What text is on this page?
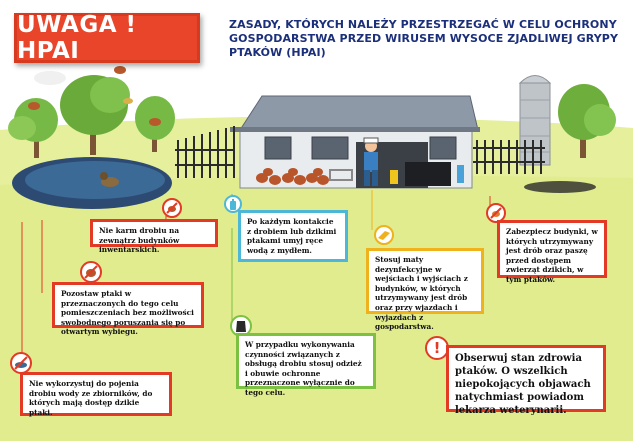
UWAGA ! HPAI
ZASADY, KTÓRYCH NALEŻY PRZESTRZEGAĆ W CELU OCHRONY GOSPODARSTWA PRZED WIRUSEM WYSOCE ZJADLIWEJ GRYPY PTAKÓW (HPAI)
Nie karm drobiu na zewnątrz budynków inwentarskich.
Po każdym kontakcie z drobiem lub dzikimi ptakami umyj ręce wodą z mydłem.
Stosuj maty dezynfekcyjne w wejściach i wyjściach z budynków, w których utrzymywany jest drób oraz przy wjazdach i wyjazdach z gospodarstwa.
Zabezpiecz budynki, w których utrzymywany jest drób oraz paszę przed dostępem zwierząt dzikich, w tym ptaków.
Pozostaw ptaki w przeznaczonych do tego celu pomieszczeniach bez możliwości swobodnego poruszania się po otwartym wybiegu.
W przypadku wykonywania czynności związanych z obsługą drobiu stosuj odzież i obuwie ochronne przeznaczone wyłącznie do tego celu.
Nie wykorzystuj do pojenia drobiu wody ze zbiorników, do których mają dostęp dzikie ptaki.
!
Obserwuj stan zdrowia ptaków. O wszelkich niepokojących objawach natychmiast powiadom lekarza weterynarii.
